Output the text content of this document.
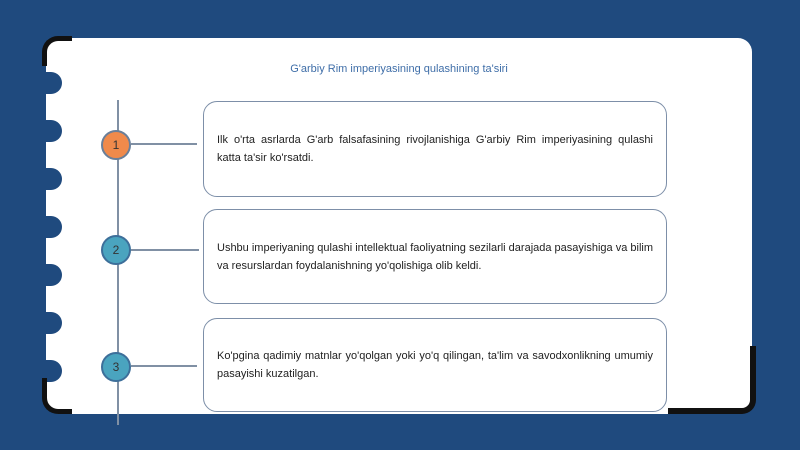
G'arbiy Rim imperiyasining qulashining ta'siri
1	Ilk o'rta asrlarda G'arb falsafasining rivojlanishiga G'arbiy Rim imperiyasining qulashi katta ta'sir ko'rsatdi.

2	Ushbu imperiyaning qulashi intellektual faoliyatning sezilarli darajada pasayishiga va bilim va resurslardan foydalanishning yo'qolishiga olib keldi.

3

Ko'pgina qadimiy matnlar yo'qolgan yoki yo'q qilingan, ta'lim va savodxonlikning umumiy pasayishi kuzatilgan.
